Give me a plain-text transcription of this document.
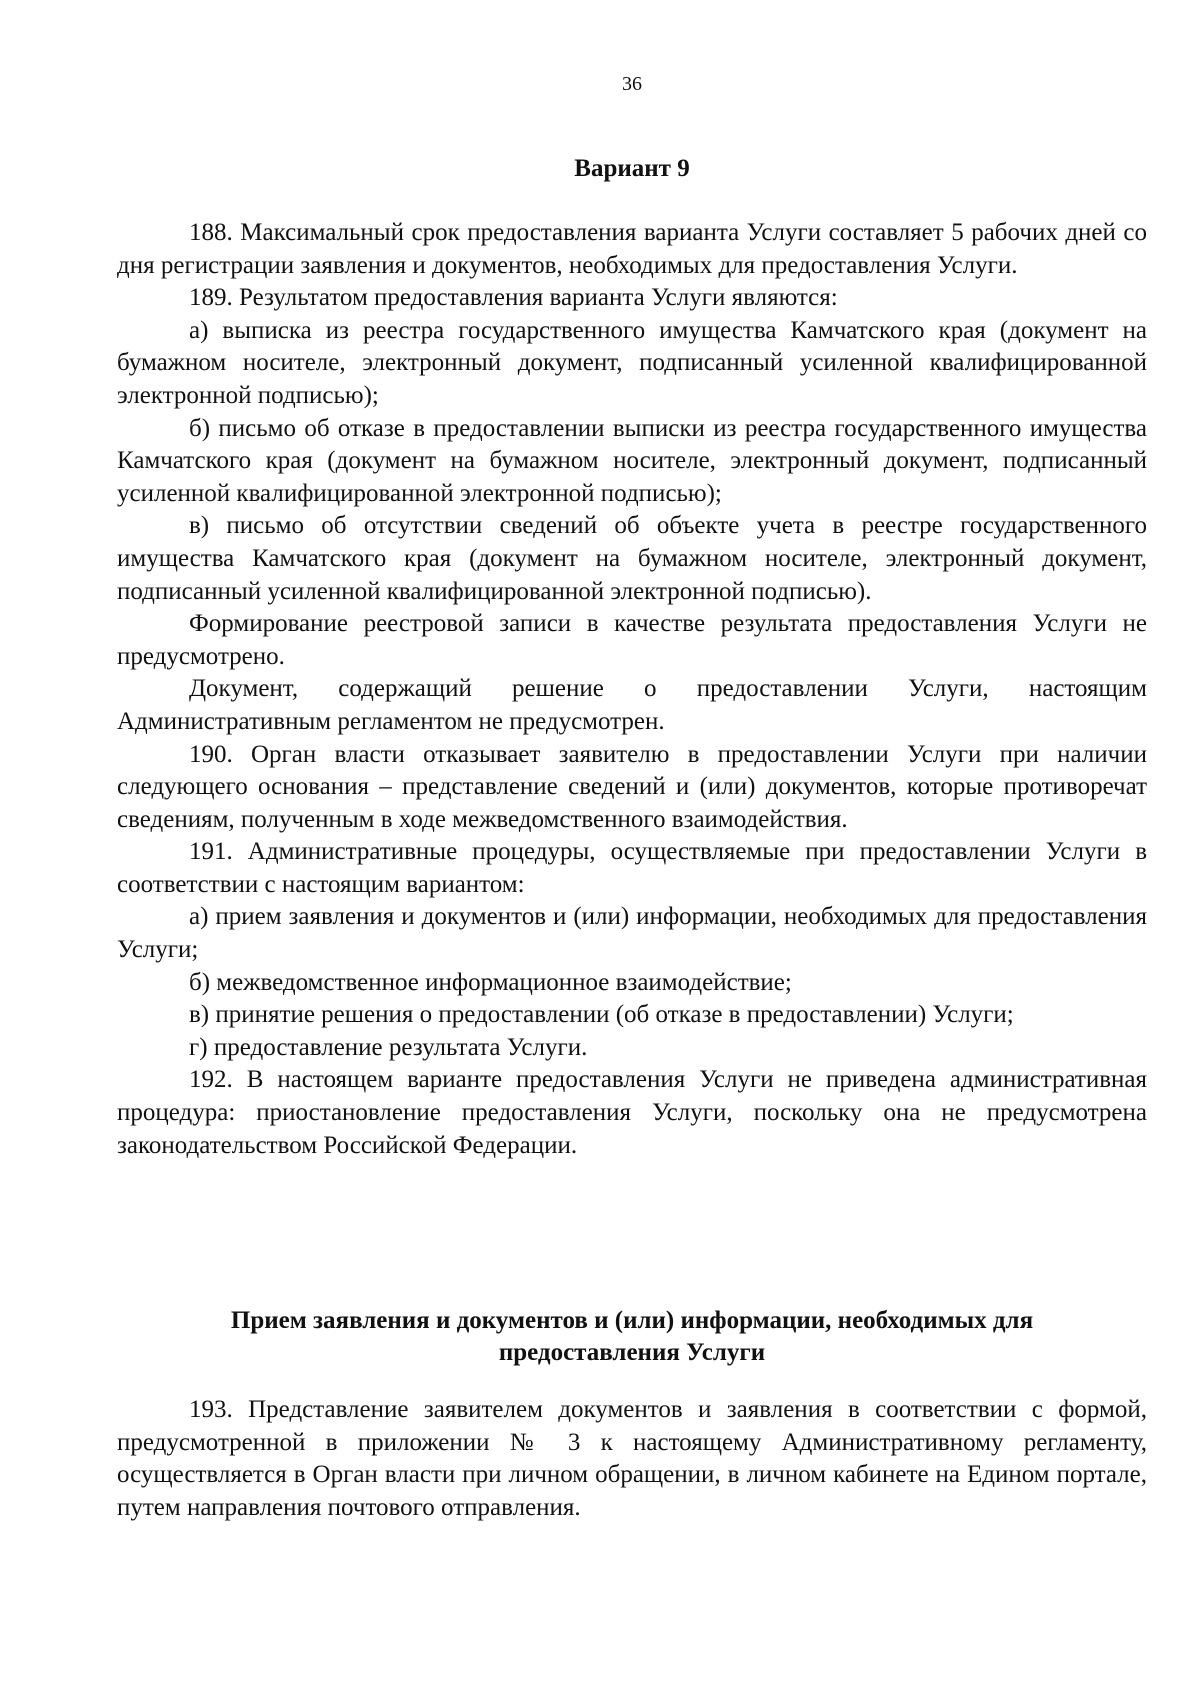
36
Вариант 9

188. Максимальный срок предоставления варианта Услуги составляет 5 рабочих дней со дня регистрации заявления и документов, необходимых для предоставления Услуги.

189. Результатом предоставления варианта Услуги являются:

а) выписка из реестра государственного имущества Камчатского края (документ на бумажном носителе, электронный документ, подписанный усиленной квалифицированной электронной подписью);

б) письмо об отказе в предоставлении выписки из реестра государственного имущества Камчатского края (документ на бумажном носителе, электронный документ, подписанный усиленной квалифицированной электронной подписью);

в) письмо об отсутствии сведений об объекте учета в реестре государственного имущества Камчатского края (документ на бумажном носителе, электронный документ, подписанный усиленной квалифицированной электронной подписью).

Формирование реестровой записи в качестве результата предоставления Услуги не предусмотрено.

Документ, содержащий решение о предоставлении Услуги, настоящим Административным регламентом не предусмотрен.

190. Орган власти отказывает заявителю в предоставлении Услуги при наличии следующего основания – представление сведений и (или) документов, которые противоречат сведениям, полученным в ходе межведомственного взаимодействия.

191. Административные процедуры, осуществляемые при предоставлении Услуги в соответствии с настоящим вариантом:

а) прием заявления и документов и (или) информации, необходимых для предоставления Услуги;

б) межведомственное информационное взаимодействие;

в) принятие решения о предоставлении (об отказе в предоставлении) Услуги;

г) предоставление результата Услуги.

192. В настоящем варианте предоставления Услуги не приведена административная процедура: приостановление предоставления Услуги, поскольку она не предусмотрена законодательством Российской Федерации.

Прием заявления и документов и (или) информации, необходимых для
предоставления Услуги

193. Представление заявителем документов и заявления в соответствии с формой, предусмотренной в приложении № 3 к настоящему Административному регламенту, осуществляется в Орган власти при личном обращении, в личном кабинете на Едином портале, путем направления почтового отправления.
